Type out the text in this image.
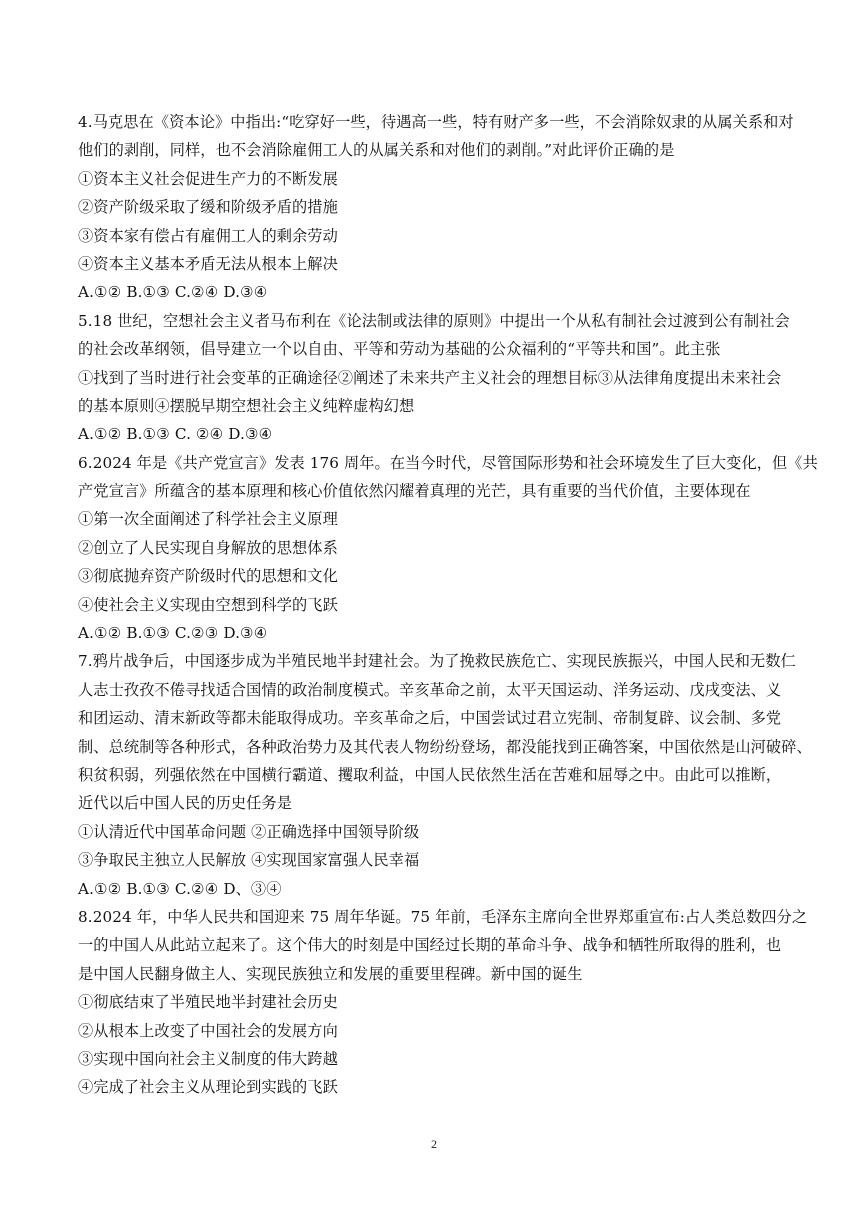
4.马克思在《资本论》中指出:“吃穿好一些，待遇高一些，特有财产多一些，不会消除奴隶的从属关系和对
他们的剥削，同样，也不会消除雇佣工人的从属关系和对他们的剥削。”对此评价正确的是
①资本主义社会促进生产力的不断发展
②资产阶级采取了缓和阶级矛盾的措施
③资本家有偿占有雇佣工人的剩余劳动
④资本主义基本矛盾无法从根本上解决
A.①② B.①③ C.②④ D.③④
5.18 世纪，空想社会主义者马布利在《论法制或法律的原则》中提出一个从私有制社会过渡到公有制社会
的社会改革纲领，倡导建立一个以自由、平等和劳动为基础的公众福利的“平等共和国”。此主张
①找到了当时进行社会变革的正确途径②阐述了未来共产主义社会的理想目标③从法律角度提出未来社会
的基本原则④摆脱早期空想社会主义纯粹虚构幻想
A.①② B.①③ C. ②④ D.③④
6.2024 年是《共产党宣言》发表 176 周年。在当今时代，尽管国际形势和社会环境发生了巨大变化，但《共
产党宣言》所蕴含的基本原理和核心价值依然闪耀着真理的光芒，具有重要的当代价值，主要体现在
①第一次全面阐述了科学社会主义原理
②创立了人民实现自身解放的思想体系
③彻底抛弃资产阶级时代的思想和文化
④使社会主义实现由空想到科学的飞跃
A.①② B.①③ C.②③ D.③④
7.鸦片战争后，中国逐步成为半殖民地半封建社会。为了挽救民族危亡、实现民族振兴，中国人民和无数仁
人志士孜孜不倦寻找适合国情的政治制度模式。辛亥革命之前，太平天国运动、洋务运动、戊戌变法、义
和团运动、清末新政等都未能取得成功。辛亥革命之后，中国尝试过君立宪制、帝制复辟、议会制、多党
制、总统制等各种形式，各种政治势力及其代表人物纷纷登场，都没能找到正确答案，中国依然是山河破碎、
积贫积弱，列强依然在中国横行霸道、攫取利益，中国人民依然生活在苦难和屈辱之中。由此可以推断，
近代以后中国人民的历史任务是
①认清近代中国革命问题 ②正确选择中国领导阶级
③争取民主独立人民解放 ④实现国家富强人民幸福
A.①② B.①③ C.②④ D、③④
8.2024 年，中华人民共和国迎来 75 周年华诞。75 年前，毛泽东主席向全世界郑重宣布:占人类总数四分之
一的中国人从此站立起来了。这个伟大的时刻是中国经过长期的革命斗争、战争和牺牲所取得的胜利，也
是中国人民翻身做主人、实现民族独立和发展的重要里程碑。新中国的诞生
①彻底结束了半殖民地半封建社会历史
②从根本上改变了中国社会的发展方向
③实现中国向社会主义制度的伟大跨越
④完成了社会主义从理论到实践的飞跃
2
